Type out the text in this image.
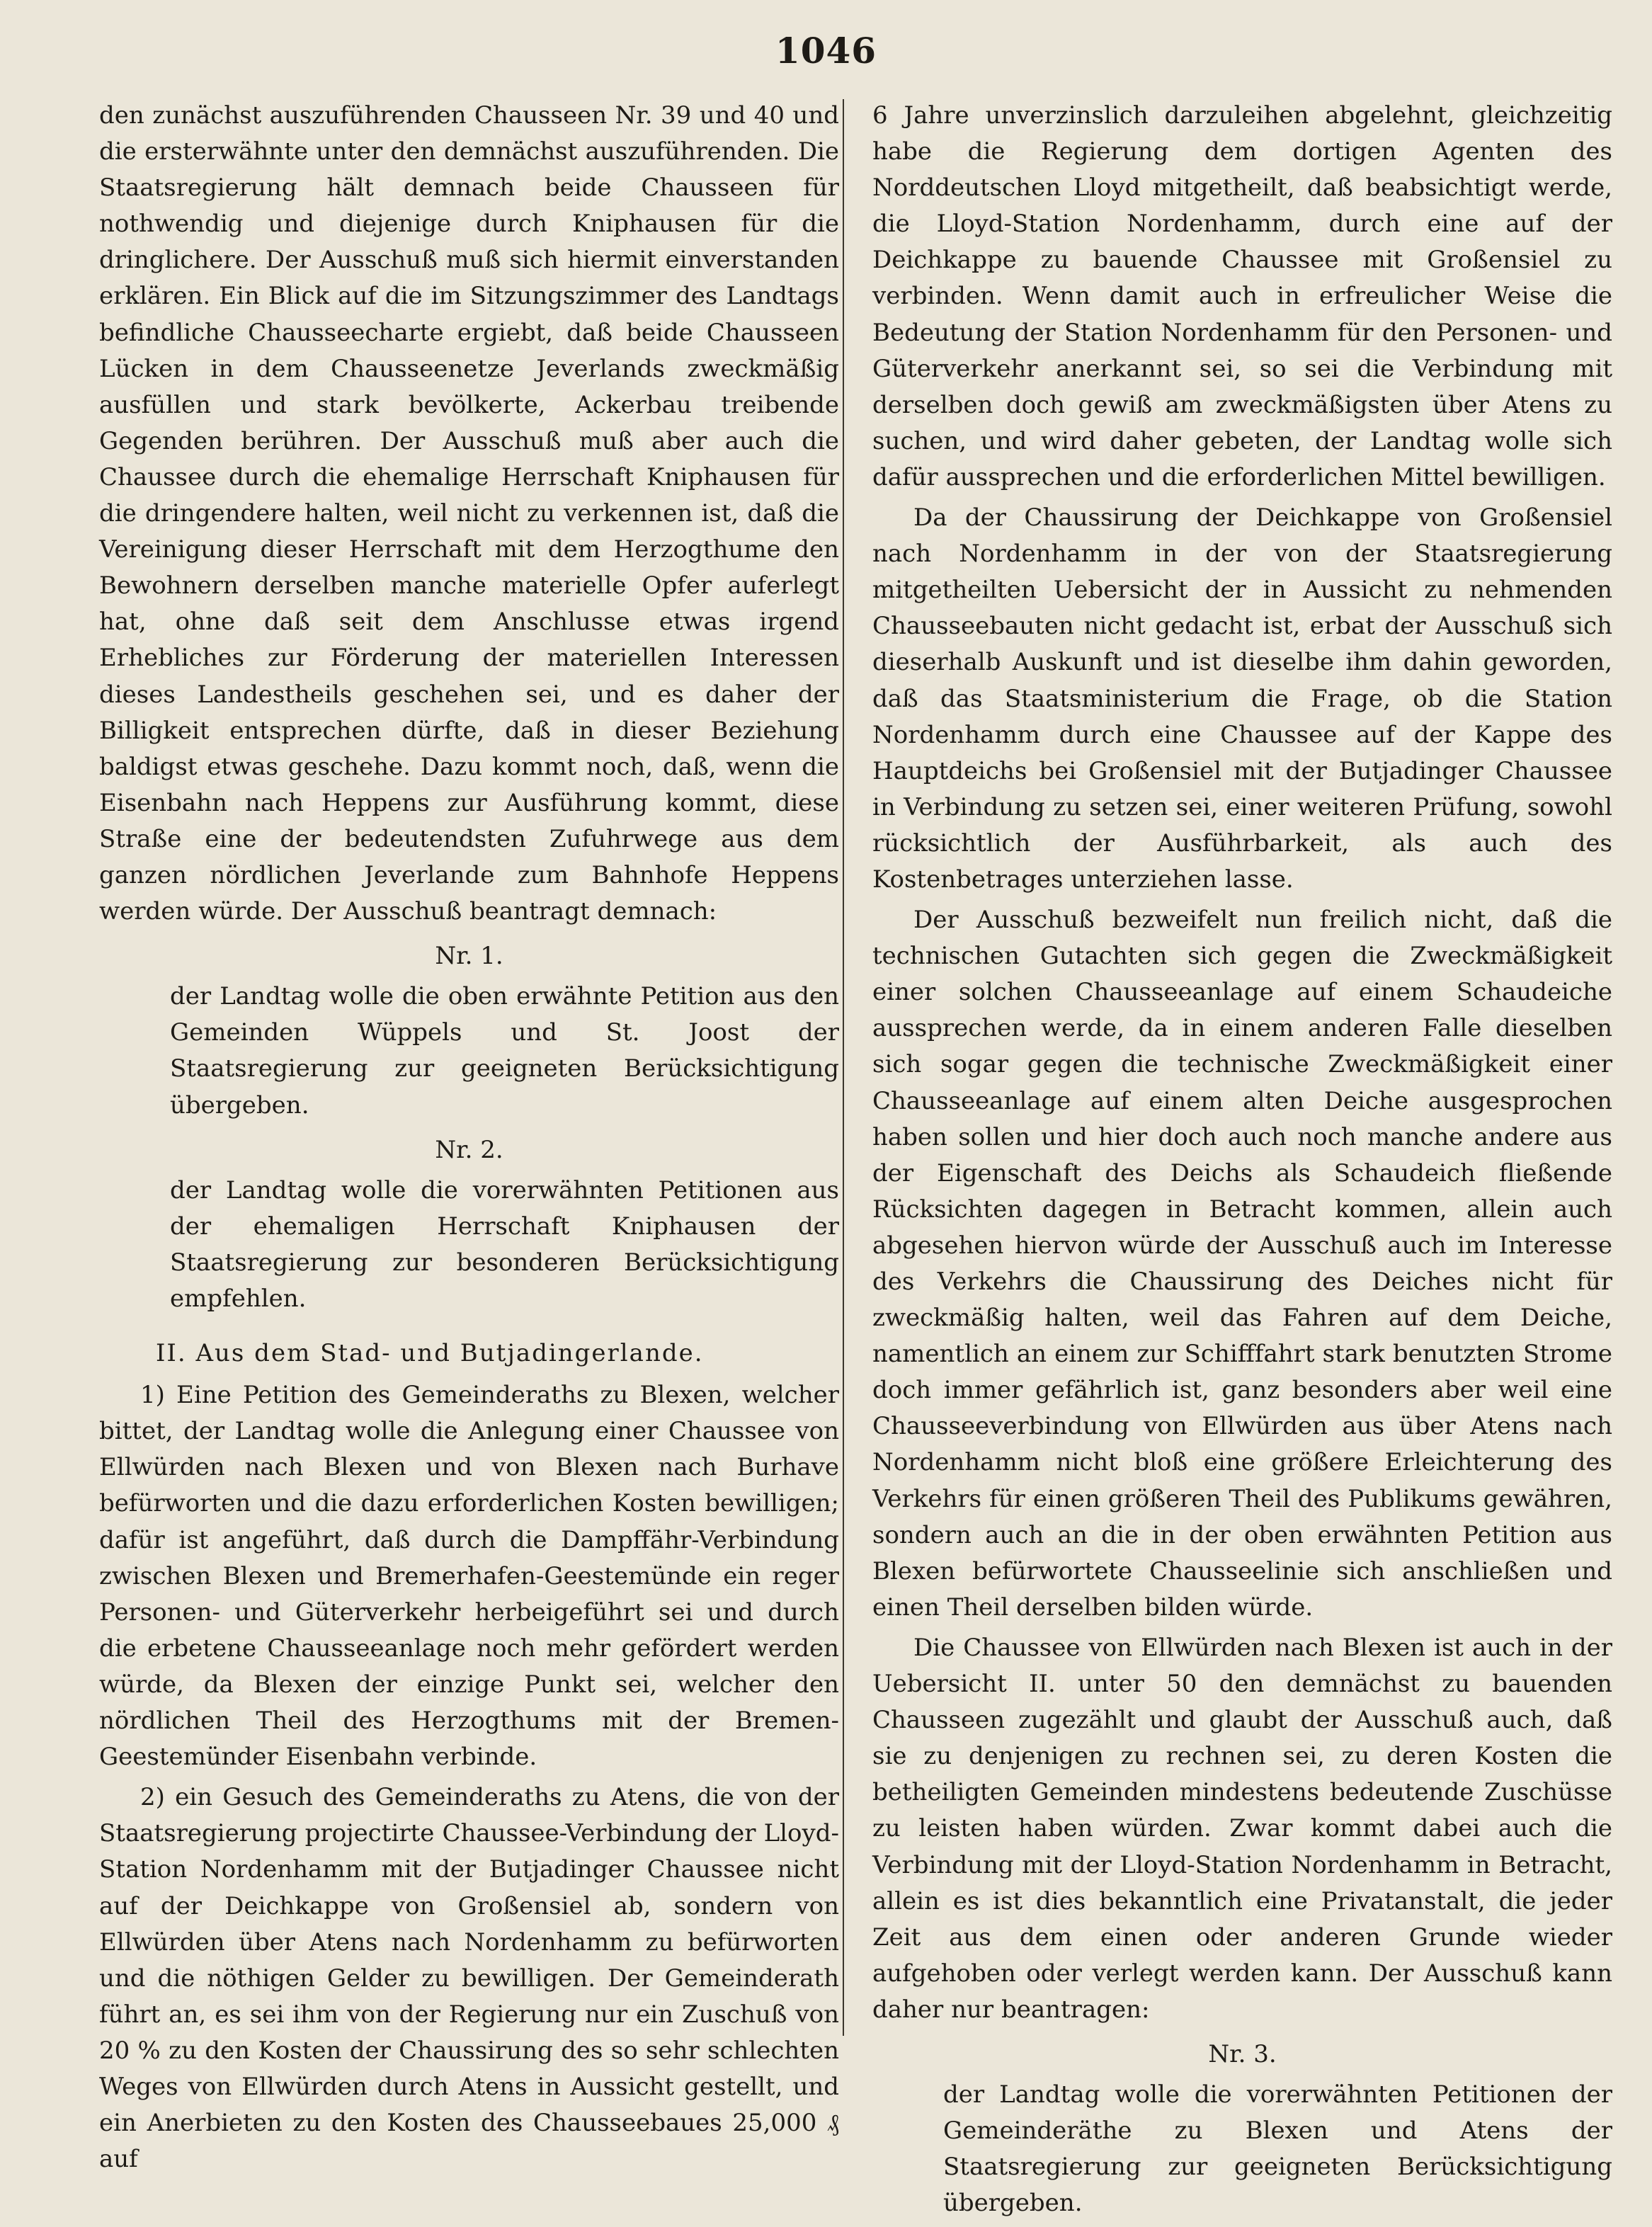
1046

den zunächst auszuführenden Chausseen Nr. 39 und 40 und die ersterwähnte unter den demnächst auszuführenden. Die Staatsregierung hält demnach beide Chausseen für nothwendig und diejenige durch Kniphausen für die dringlichere. Der Ausschuß muß sich hiermit einverstanden erklären. Ein Blick auf die im Sitzungszimmer des Landtags befindliche Chausseecharte ergiebt, daß beide Chausseen Lücken in dem Chausseenetze Jeverlands zweckmäßig ausfüllen und stark bevölkerte, Ackerbau treibende Gegenden berühren. Der Ausschuß muß aber auch die Chaussee durch die ehemalige Herrschaft Kniphausen für die dringendere halten, weil nicht zu verkennen ist, daß die Vereinigung dieser Herrschaft mit dem Herzogthume den Bewohnern derselben manche materielle Opfer auferlegt hat, ohne daß seit dem Anschlusse etwas irgend Erhebliches zur Förderung der materiellen Interessen dieses Landestheils geschehen sei, und es daher der Billigkeit entsprechen dürfte, daß in dieser Beziehung baldigst etwas geschehe. Dazu kommt noch, daß, wenn die Eisenbahn nach Heppens zur Ausführung kommt, diese Straße eine der bedeutendsten Zufuhrwege aus dem ganzen nördlichen Jeverlande zum Bahnhofe Heppens werden würde. Der Ausschuß beantragt demnach:

Nr. 1.

der Landtag wolle die oben erwähnte Petition aus den Gemeinden Wüppels und St. Joost der Staatsregierung zur geeigneten Berücksichtigung übergeben.

Nr. 2.

der Landtag wolle die vorerwähnten Petitionen aus der ehemaligen Herrschaft Kniphausen der Staatsregierung zur besonderen Berücksichtigung empfehlen.

II. Aus dem Stad- und Butjadingerlande.

1) Eine Petition des Gemeinderaths zu Blexen, welcher bittet, der Landtag wolle die Anlegung einer Chaussee von Ellwürden nach Blexen und von Blexen nach Burhave befürworten und die dazu erforderlichen Kosten bewilligen; dafür ist angeführt, daß durch die Dampffähr-Verbindung zwischen Blexen und Bremerhafen-Geestemünde ein reger Personen- und Güterverkehr herbeigeführt sei und durch die erbetene Chausseeanlage noch mehr gefördert werden würde, da Blexen der einzige Punkt sei, welcher den nördlichen Theil des Herzogthums mit der Bremen-Geestemünder Eisenbahn verbinde.

2) ein Gesuch des Gemeinderaths zu Atens, die von der Staatsregierung projectirte Chaussee-Verbindung der Lloyd-Station Nordenhamm mit der Butjadinger Chaussee nicht auf der Deichkappe von Großensiel ab, sondern von Ellwürden über Atens nach Nordenhamm zu befürworten und die nöthigen Gelder zu bewilligen. Der Gemeinderath führt an, es sei ihm von der Regierung nur ein Zuschuß von 20 % zu den Kosten der Chaussirung des so sehr schlechten Weges von Ellwürden durch Atens in Aussicht gestellt, und ein Anerbieten zu den Kosten des Chausseebaues 25,000 ₰ auf

6 Jahre unverzinslich darzuleihen abgelehnt, gleichzeitig habe die Regierung dem dortigen Agenten des Norddeutschen Lloyd mitgetheilt, daß beabsichtigt werde, die Lloyd-Station Nordenhamm, durch eine auf der Deichkappe zu bauende Chaussee mit Großensiel zu verbinden. Wenn damit auch in erfreulicher Weise die Bedeutung der Station Nordenhamm für den Personen- und Güterverkehr anerkannt sei, so sei die Verbindung mit derselben doch gewiß am zweckmäßigsten über Atens zu suchen, und wird daher gebeten, der Landtag wolle sich dafür aussprechen und die erforderlichen Mittel bewilligen.

Da der Chaussirung der Deichkappe von Großensiel nach Nordenhamm in der von der Staatsregierung mitgetheilten Uebersicht der in Aussicht zu nehmenden Chausseebauten nicht gedacht ist, erbat der Ausschuß sich dieserhalb Auskunft und ist dieselbe ihm dahin geworden, daß das Staatsministerium die Frage, ob die Station Nordenhamm durch eine Chaussee auf der Kappe des Hauptdeichs bei Großensiel mit der Butjadinger Chaussee in Verbindung zu setzen sei, einer weiteren Prüfung, sowohl rücksichtlich der Ausführbarkeit, als auch des Kostenbetrages unterziehen lasse.

Der Ausschuß bezweifelt nun freilich nicht, daß die technischen Gutachten sich gegen die Zweckmäßigkeit einer solchen Chausseeanlage auf einem Schaudeiche aussprechen werde, da in einem anderen Falle dieselben sich sogar gegen die technische Zweckmäßigkeit einer Chausseeanlage auf einem alten Deiche ausgesprochen haben sollen und hier doch auch noch manche andere aus der Eigenschaft des Deichs als Schaudeich fließende Rücksichten dagegen in Betracht kommen, allein auch abgesehen hiervon würde der Ausschuß auch im Interesse des Verkehrs die Chaussirung des Deiches nicht für zweckmäßig halten, weil das Fahren auf dem Deiche, namentlich an einem zur Schifffahrt stark benutzten Strome doch immer gefährlich ist, ganz besonders aber weil eine Chausseeverbindung von Ellwürden aus über Atens nach Nordenhamm nicht bloß eine größere Erleichterung des Verkehrs für einen größeren Theil des Publikums gewähren, sondern auch an die in der oben erwähnten Petition aus Blexen befürwortete Chausseelinie sich anschließen und einen Theil derselben bilden würde.

Die Chaussee von Ellwürden nach Blexen ist auch in der Uebersicht II. unter 50 den demnächst zu bauenden Chausseen zugezählt und glaubt der Ausschuß auch, daß sie zu denjenigen zu rechnen sei, zu deren Kosten die betheiligten Gemeinden mindestens bedeutende Zuschüsse zu leisten haben würden. Zwar kommt dabei auch die Verbindung mit der Lloyd-Station Nordenhamm in Betracht, allein es ist dies bekanntlich eine Privatanstalt, die jeder Zeit aus dem einen oder anderen Grunde wieder aufgehoben oder verlegt werden kann. Der Ausschuß kann daher nur beantragen:

Nr. 3.

der Landtag wolle die vorerwähnten Petitionen der Gemeinderäthe zu Blexen und Atens der Staatsregierung zur geeigneten Berücksichtigung übergeben.
